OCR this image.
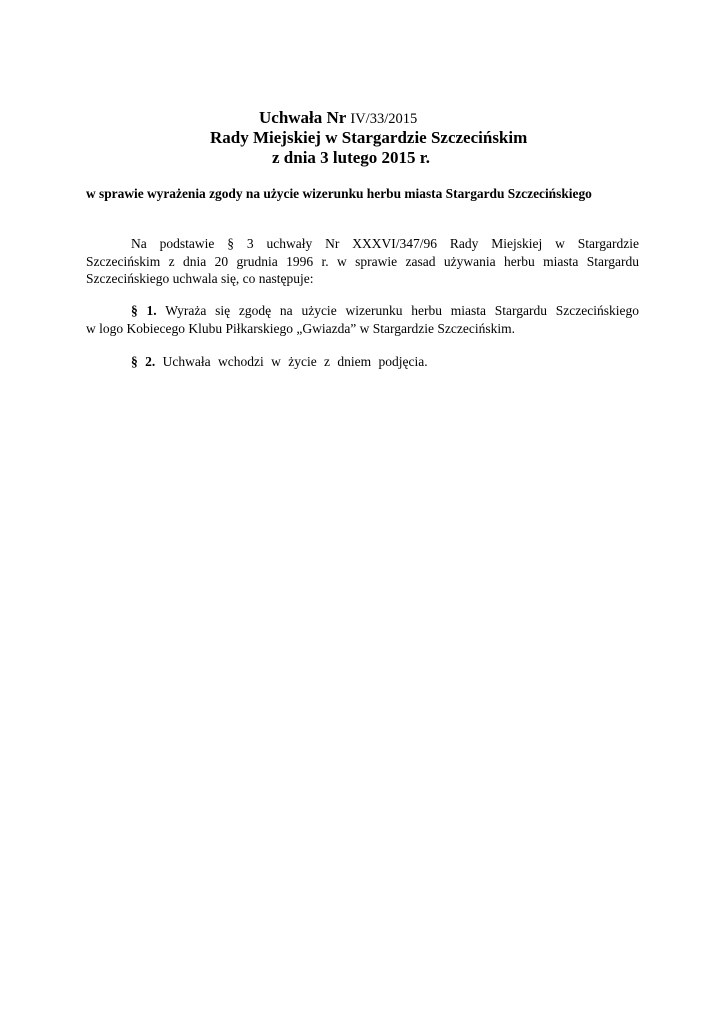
Uchwała Nr IV/33/2015
Rady Miejskiej w Stargardzie Szczecińskim
z dnia 3 lutego 2015 r.
w sprawie wyrażenia zgody na użycie wizerunku herbu miasta Stargardu Szczecińskiego
Na podstawie § 3 uchwały Nr XXXVI/347/96 Rady Miejskiej w Stargardzie
Szczecińskim z dnia 20 grudnia 1996 r. w sprawie zasad używania herbu miasta Stargardu
Szczecińskiego uchwala się, co następuje:
§ 1. Wyraża się zgodę na użycie wizerunku herbu miasta Stargardu Szczecińskiego
w logo Kobiecego Klubu Piłkarskiego „Gwiazda” w Stargardzie Szczecińskim.
§ 2. Uchwała wchodzi w życie z dniem podjęcia.
